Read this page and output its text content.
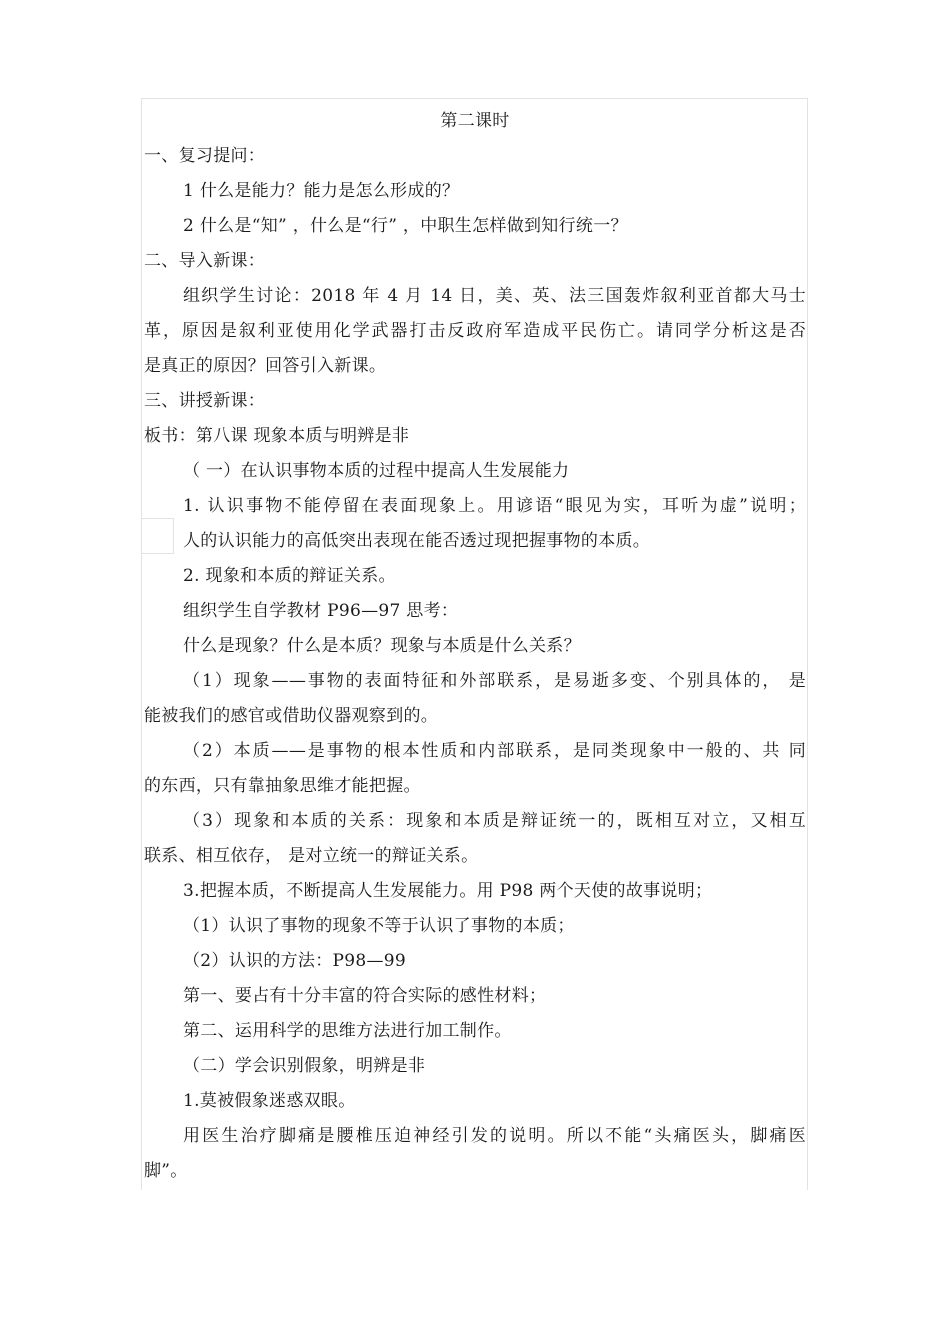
第二课时
一、复习提问：
1 什么是能力？能力是怎么形成的？
2 什么是“知” ，什么是“行” ，中职生怎样做到知行统一？
二、导入新课：
组织学生讨论：2018 年 4 月 14 日，美、英、法三国轰炸叙利亚首都大马士
革，原因是叙利亚使用化学武器打击反政府军造成平民伤亡。请同学分析这是否
是真正的原因？回答引入新课。
三、讲授新课：
板书：第八课 现象本质与明辨是非
（ 一）在认识事物本质的过程中提高人生发展能力
1. 认识事物不能停留在表面现象上。用谚语“眼见为实，耳听为虚”说明；
人的认识能力的高低突出表现在能否透过现把握事物的本质。
2. 现象和本质的辩证关系。
组织学生自学教材 P96—97 思考：
什么是现象？什么是本质？现象与本质是什么关系？
（1）现象——事物的表面特征和外部联系，是易逝多变、个别具体的， 是
能被我们的感官或借助仪器观察到的。
（2）本质——是事物的根本性质和内部联系，是同类现象中一般的、共 同
的东西，只有靠抽象思维才能把握。
（3）现象和本质的关系：现象和本质是辩证统一的，既相互对立，又相互
联系、相互依存， 是对立统一的辩证关系。
3.把握本质，不断提高人生发展能力。用 P98 两个天使的故事说明；
（1）认识了事物的现象不等于认识了事物的本质；
（2）认识的方法：P98—99
第一、要占有十分丰富的符合实际的感性材料；
第二、运用科学的思维方法进行加工制作。
（二）学会识别假象，明辨是非
1.莫被假象迷惑双眼。
用医生治疗脚痛是腰椎压迫神经引发的说明。所以不能“头痛医头，脚痛医
脚”。
